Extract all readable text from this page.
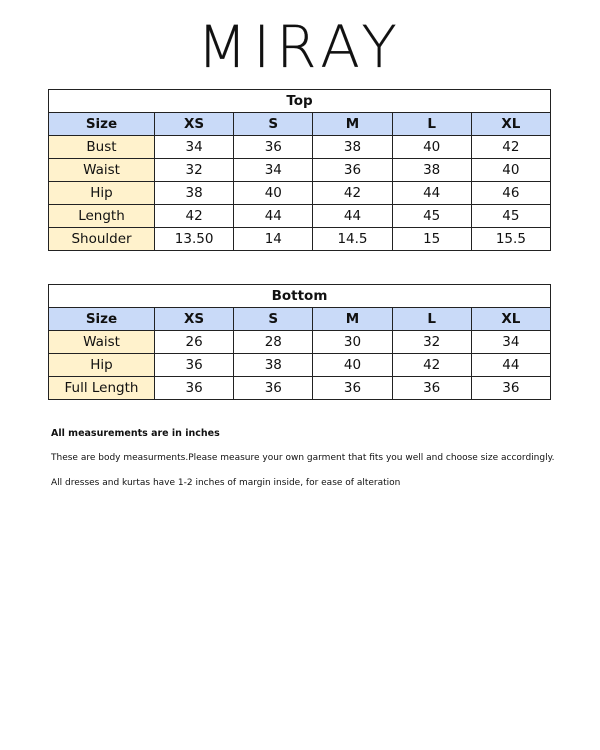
MIRAY
Top					
Size	XS	S	M	L	XL
Bust	34	36	38	40	42
Waist	32	34	36	38	40
Hip	38	40	42	44	46
Length	42	44	44	45	45
Shoulder	13.50	14	14.5	15	15.5
Bottom					
Size	XS	S	M	L	XL
Waist	26	28	30	32	34
Hip	36	38	40	42	44
Full Length	36	36	36	36	36
All measurements are in inches
These are body measurments.Please measure your own garment that fits you well and choose size accordingly.
All dresses and kurtas have 1-2 inches of margin inside, for ease of alteration
